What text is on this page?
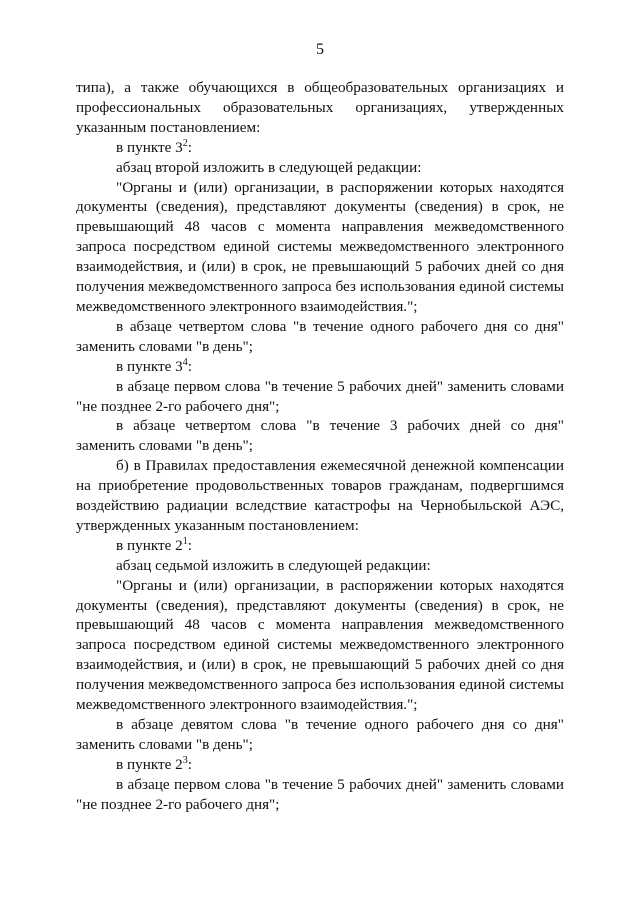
5

типа), а также обучающихся в общеобразовательных организациях и профессиональных образовательных организациях, утвержденных указанным постановлением:

в пункте $3^2$:

абзац второй изложить в следующей редакции:

"Органы и (или) организации, в распоряжении которых находятся документы (сведения), представляют документы (сведения) в срок, не превышающий 48 часов с момента направления межведомственного запроса посредством единой системы межведомственного электронного взаимодействия, и (или) в срок, не превышающий 5 рабочих дней со дня получения межведомственного запроса без использования единой системы межведомственного электронного взаимодействия.";

в абзаце четвертом слова "в течение одного рабочего дня со дня" заменить словами "в день";

в пункте $3^4$:

в абзаце первом слова "в течение 5 рабочих дней" заменить словами "не позднее 2-го рабочего дня";

в абзаце четвертом слова "в течение 3 рабочих дней со дня" заменить словами "в день";

б) в Правилах предоставления ежемесячной денежной компенсации на приобретение продовольственных товаров гражданам, подвергшимся воздействию радиации вследствие катастрофы на Чернобыльской АЭС, утвержденных указанным постановлением:

в пункте $2^1$:

абзац седьмой изложить в следующей редакции:

"Органы и (или) организации, в распоряжении которых находятся документы (сведения), представляют документы (сведения) в срок, не превышающий 48 часов с момента направления межведомственного запроса посредством единой системы межведомственного электронного взаимодействия, и (или) в срок, не превышающий 5 рабочих дней со дня получения межведомственного запроса без использования единой системы межведомственного электронного взаимодействия.";

в абзаце девятом слова "в течение одного рабочего дня со дня" заменить словами "в день";

в пункте $2^3$:

в абзаце первом слова "в течение 5 рабочих дней" заменить словами "не позднее 2-го рабочего дня";
